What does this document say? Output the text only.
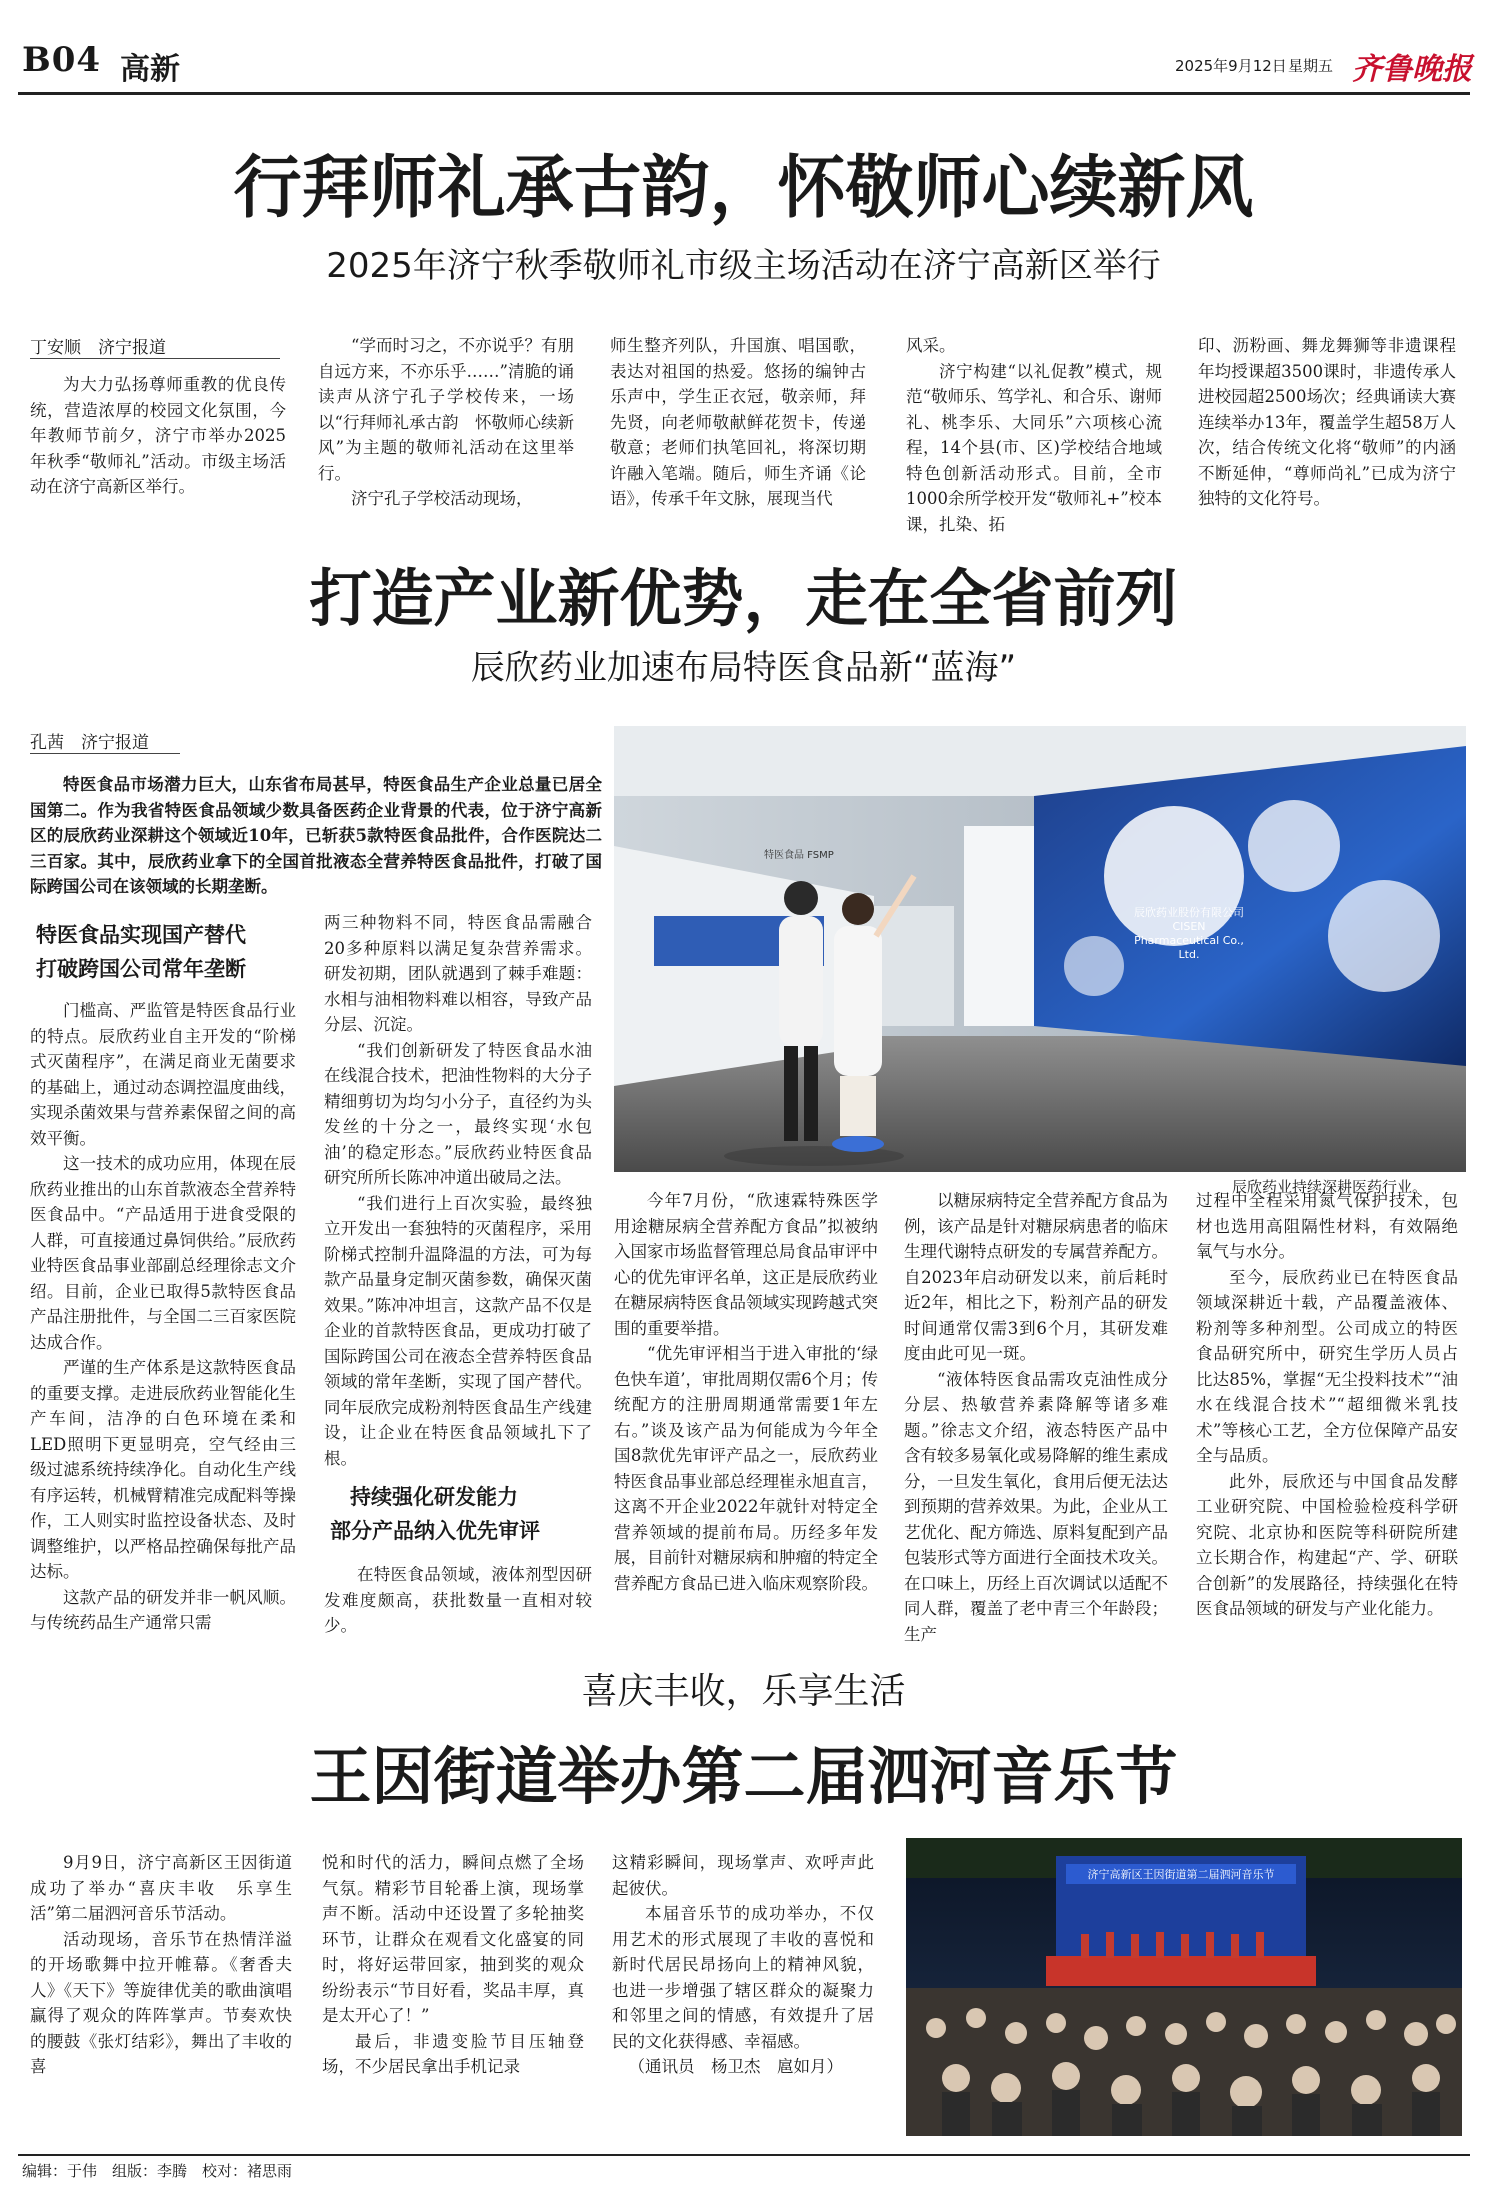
B04 高新	2025年9月12日 星期五 齐鲁晚报
行拜师礼承古韵，怀敬师心续新风
2025年济宁秋季敬师礼市级主场活动在济宁高新区举行
丁安顺　济宁报道

为大力弘扬尊师重教的优良传统，营造浓厚的校园文化氛围，今年教师节前夕，济宁市举办2025年秋季“敬师礼”活动。市级主场活动在济宁高新区举行。

“学而时习之，不亦说乎？有朋自远方来，不亦乐乎……”清脆的诵读声从济宁孔子学校传来，一场以“行拜师礼承古韵　怀敬师心续新风”为主题的敬师礼活动在这里举行。

济宁孔子学校活动现场，

师生整齐列队，升国旗、唱国歌，表达对祖国的热爱。悠扬的编钟古乐声中，学生正衣冠，敬亲师，拜先贤，向老师敬献鲜花贺卡，传递敬意；老师们执笔回礼，将深切期许融入笔端。随后，师生齐诵《论语》，传承千年文脉，展现当代

风采。

济宁构建“以礼促教”模式，规范“敬师乐、笃学礼、和合乐、谢师礼、桃李乐、大同乐”六项核心流程，14个县(市、区)学校结合地域特色创新活动形式。目前，全市1000余所学校开发“敬师礼+”校本课，扎染、拓

印、沥粉画、舞龙舞狮等非遗课程年均授课超3500课时，非遗传承人进校园超2500场次；经典诵读大赛连续举办13年，覆盖学生超58万人次，结合传统文化将“敬师”的内涵不断延伸，“尊师尚礼”已成为济宁独特的文化符号。

打造产业新优势，走在全省前列
辰欣药业加速布局特医食品新“蓝海”
孔茜　济宁报道
特医食品市场潜力巨大，山东省布局甚早，特医食品生产企业总量已居全国第二。作为我省特医食品领域少数具备医药企业背景的代表，位于济宁高新区的辰欣药业深耕这个领域近10年，已斩获5款特医食品批件，合作医院达二三百家。其中，辰欣药业拿下的全国首批液态全营养特医食品批件，打破了国际跨国公司在该领域的长期垄断。
辰欣药业股份有限公司
CISEN Pharmaceutical Co., Ltd.
特医食品 FSMP
辰欣药业持续深耕医药行业。
特医食品实现国产替代
打破跨国公司常年垄断

门槛高、严监管是特医食品行业的特点。辰欣药业自主开发的“阶梯式灭菌程序”，在满足商业无菌要求的基础上，通过动态调控温度曲线，实现杀菌效果与营养素保留之间的高效平衡。

这一技术的成功应用，体现在辰欣药业推出的山东首款液态全营养特医食品中。“产品适用于进食受限的人群，可直接通过鼻饲供给。”辰欣药业特医食品事业部副总经理徐志文介绍。目前，企业已取得5款特医食品产品注册批件，与全国二三百家医院达成合作。

严谨的生产体系是这款特医食品的重要支撑。走进辰欣药业智能化生产车间，洁净的白色环境在柔和LED照明下更显明亮，空气经由三级过滤系统持续净化。自动化生产线有序运转，机械臂精准完成配料等操作，工人则实时监控设备状态、及时调整维护，以严格品控确保每批产品达标。

这款产品的研发并非一帆风顺。与传统药品生产通常只需

两三种物料不同，特医食品需融合20多种原料以满足复杂营养需求。研发初期，团队就遇到了棘手难题：水相与油相物料难以相容，导致产品分层、沉淀。

“我们创新研发了特医食品水油在线混合技术，把油性物料的大分子精细剪切为均匀小分子，直径约为头发丝的十分之一，最终实现‘水包油’的稳定形态。”辰欣药业特医食品研究所所长陈冲冲道出破局之法。

“我们进行上百次实验，最终独立开发出一套独特的灭菌程序，采用阶梯式控制升温降温的方法，可为每款产品量身定制灭菌参数，确保灭菌效果。”陈冲冲坦言，这款产品不仅是企业的首款特医食品，更成功打破了国际跨国公司在液态全营养特医食品领域的常年垄断，实现了国产替代。同年辰欣完成粉剂特医食品生产线建设，让企业在特医食品领域扎下了根。

持续强化研发能力
部分产品纳入优先审评

在特医食品领域，液体剂型因研发难度颇高，获批数量一直相对较少。

今年7月份，“欣速霖特殊医学用途糖尿病全营养配方食品”拟被纳入国家市场监督管理总局食品审评中心的优先审评名单，这正是辰欣药业在糖尿病特医食品领域实现跨越式突围的重要举措。

“优先审评相当于进入审批的‘绿色快车道’，审批周期仅需6个月；传统配方的注册周期通常需要1年左右。”谈及该产品为何能成为今年全国8款优先审评产品之一，辰欣药业特医食品事业部总经理崔永旭直言，这离不开企业2022年就针对特定全营养领域的提前布局。历经多年发展，目前针对糖尿病和肿瘤的特定全营养配方食品已进入临床观察阶段。

以糖尿病特定全营养配方食品为例，该产品是针对糖尿病患者的临床生理代谢特点研发的专属营养配方。自2023年启动研发以来，前后耗时近2年，相比之下，粉剂产品的研发时间通常仅需3到6个月，其研发难度由此可见一斑。

“液体特医食品需攻克油性成分分层、热敏营养素降解等诸多难题。”徐志文介绍，液态特医产品中含有较多易氧化或易降解的维生素成分，一旦发生氧化，食用后便无法达到预期的营养效果。为此，企业从工艺优化、配方筛选、原料复配到产品包装形式等方面进行全面技术攻关。在口味上，历经上百次调试以适配不同人群，覆盖了老中青三个年龄段；生产

过程中全程采用氮气保护技术，包材也选用高阻隔性材料，有效隔绝氧气与水分。

至今，辰欣药业已在特医食品领域深耕近十载，产品覆盖液体、粉剂等多种剂型。公司成立的特医食品研究所中，研究生学历人员占比达85%，掌握“无尘投料技术”“油水在线混合技术”“超细微米乳技术”等核心工艺，全方位保障产品安全与品质。

此外，辰欣还与中国食品发酵工业研究院、中国检验检疫科学研究院、北京协和医院等科研院所建立长期合作，构建起“产、学、研联合创新”的发展路径，持续强化在特医食品领域的研发与产业化能力。

喜庆丰收，乐享生活
王因街道举办第二届泗河音乐节

9月9日，济宁高新区王因街道成功了举办“喜庆丰收　乐享生活”第二届泗河音乐节活动。

活动现场，音乐节在热情洋溢的开场歌舞中拉开帷幕。《奢香夫人》《天下》等旋律优美的歌曲演唱赢得了观众的阵阵掌声。节奏欢快的腰鼓《张灯结彩》，舞出了丰收的喜

悦和时代的活力，瞬间点燃了全场气氛。精彩节目轮番上演，现场掌声不断。活动中还设置了多轮抽奖环节，让群众在观看文化盛宴的同时，将好运带回家，抽到奖的观众纷纷表示“节目好看，奖品丰厚，真是太开心了！”

最后，非遗变脸节目压轴登场，不少居民拿出手机记录

这精彩瞬间，现场掌声、欢呼声此起彼伏。

本届音乐节的成功举办，不仅用艺术的形式展现了丰收的喜悦和新时代居民昂扬向上的精神风貌，也进一步增强了辖区群众的凝聚力和邻里之间的情感，有效提升了居民的文化获得感、幸福感。

（通讯员　杨卫杰　扈如月）

济宁高新区王因街道第二届泗河音乐节
编辑：于伟　组版：李腾　校对：褚思雨
